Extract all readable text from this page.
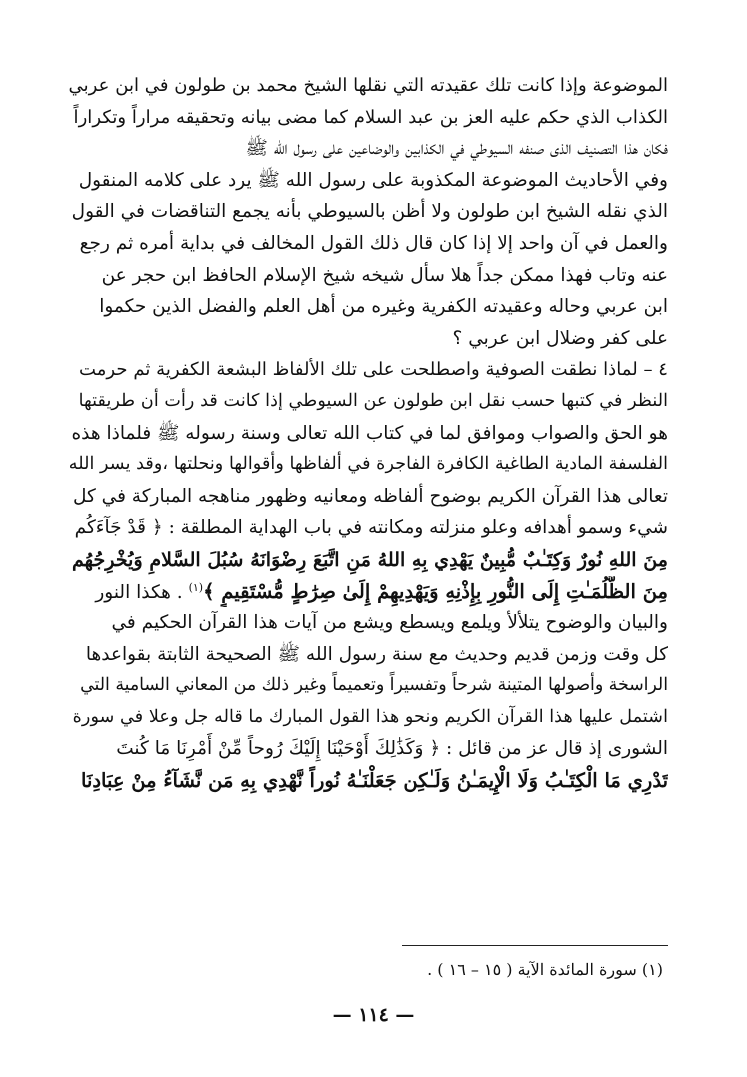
الموضوعة وإذا كانت تلك عقيدته التي نقلها الشيخ محمد بن طولون في ابن عربي
الكذاب الذي حكم عليه العز بن عبد السلام كما مضى بيانه وتحقيقه مراراً وتكراراً
فكان هذا التصنيف الذى صنفه السيوطي في الكذابين والوضاعين على رسول الله ﷺ
وفي الأحاديث الموضوعة المكذوبة على رسول الله ﷺ يرد على كلامه المنقول
الذي نقله الشيخ ابن طولون ولا أظن بالسيوطي بأنه يجمع التناقضات في القول
والعمل في آن واحد إلا إذا كان قال ذلك القول المخالف في بداية أمره ثم رجع
عنه وتاب فهذا ممكن جداً هلا سأل شيخه شيخ الإسلام الحافظ ابن حجر عن
ابن عربي وحاله وعقيدته الكفرية وغيره من أهل العلم والفضل الذين حكموا
على كفر وضلال ابن عربي ؟
٤ – لماذا نطقت الصوفية واصطلحت على تلك الألفاظ البشعة الكفرية ثم حرمت
النظر في كتبها حسب نقل ابن طولون عن السيوطي إذا كانت قد رأت أن طريقتها
هو الحق والصواب وموافق لما في كتاب الله تعالى وسنة رسوله ﷺ فلماذا هذه
الفلسفة المادية الطاغية الكافرة الفاجرة في ألفاظها وأقوالها ونحلتها ،وقد يسر الله
تعالى هذا القرآن الكريم بوضوح ألفاظه ومعانيه وظهور مناهجه المباركة في كل
شيء وسمو أهدافه وعلو منزلته ومكانته في باب الهداية المطلقة : ﴿ قَدْ جَآءَكُم
مِنَ اللهِ نُورٌ وَكِتَـٰبٌ مُّبِينٌ يَهْدِي بِهِ اللهُ مَنِ اتَّبَعَ رِضْوَانَهُ سُبُلَ السَّلامِ وَيُخْرِجُهُم
مِنَ الظُّلُمَـٰتِ إِلَى النُّورِ بِإِذْنِهِ وَيَهْدِيهِمْ إِلَىٰ صِرَٰطٍ مُّسْتَقِيمٍ ﴾$^{(١)}$ . هكذا النور
والبيان والوضوح يتلألأ ويلمع ويسطع ويشع من آيات هذا القرآن الحكيم في
كل وقت وزمن قديم وحديث مع سنة رسول الله ﷺ الصحيحة الثابتة بقواعدها
الراسخة وأصولها المتينة شرحاً وتفسيراً وتعميماً وغير ذلك من المعاني السامية التي
اشتمل عليها هذا القرآن الكريم ونحو هذا القول المبارك ما قاله جل وعلا في سورة
الشورى إذ قال عز من قائل : ﴿ وَكَذَٰلِكَ أَوْحَيْنَا إِلَيْكَ رُوحاً مِّنْ أَمْرِنَا مَا كُنتَ
تَدْرِي مَا الْكِتَـٰبُ وَلَا الْإِيمَـٰنُ وَلَـٰكِن جَعَلْنَـٰهُ نُوراً نَّهْدِي بِهِ مَن نَّشَآءُ مِنْ عِبَادِنَا
(١) سورة المائدة الآية ( ١٥ – ١٦ ) .
— ١١٤ —
